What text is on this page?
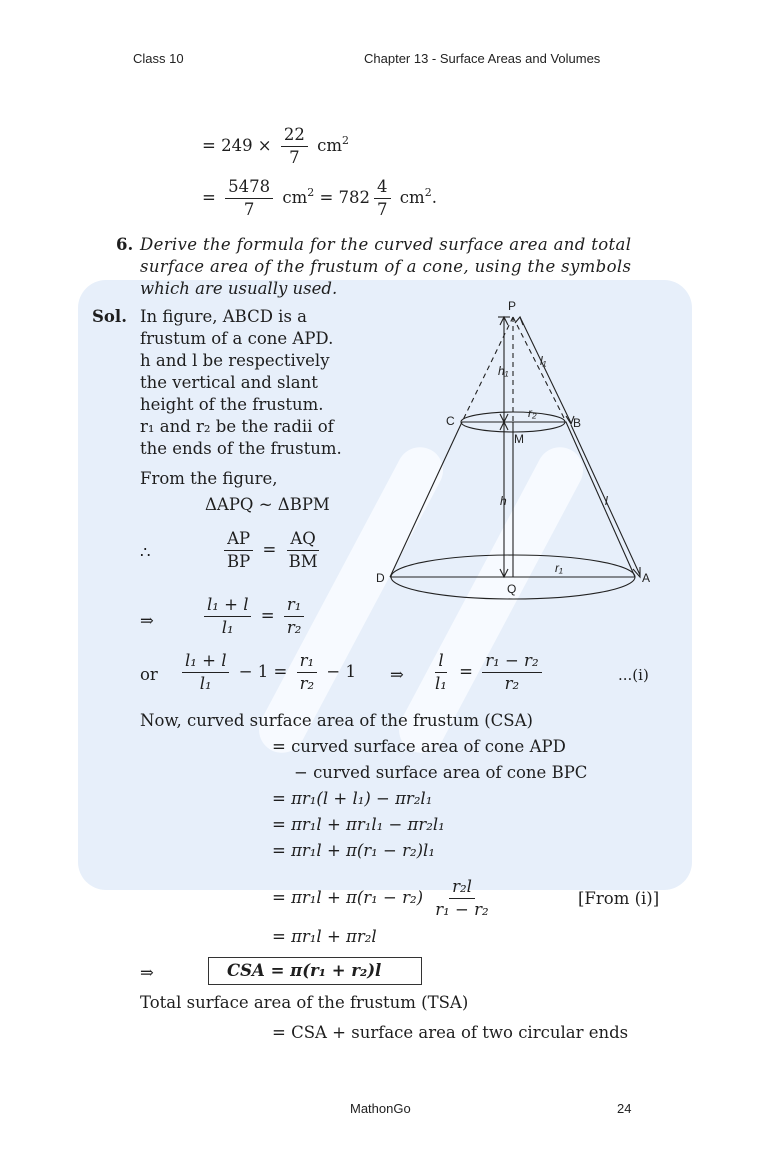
Class 10	Chapter 13 - Surface Areas and Volumes
= $249 \times \frac{22}{7} cm^2$
= $\frac{5478}{7} cm^2 = 782 \frac{4}{7} cm^2$.
6. Derive the formula for the curved surface area and total
surface area of the frustum of a cone, using the symbols
which are usually used.
Sol. In figure, ABCD is a
frustum of a cone APD.
h and l be respectively
the vertical and slant
height of the frustum.
r₁ and r₂ be the radii of
the ends of the frustum.
From the figure,
ΔAPQ ~ ΔBPM
∴	$\frac{AP}{BP} = \frac{AQ}{BM}$
⇒	$\frac{\text{l₁ + l}}{\text{l₁}} = \frac{\text{r₁}}{\text{r₂}}$
or $\frac{\text{l₁ + l}}{\text{l₁}} - 1 = \frac{\text{r₁}}{\text{r₂}} - 1$ ⇒ $\frac{l}{\text{l₁}} = \frac{\text{r₁ − r₂}}{\text{r₂}}$	...(i)
Now, curved surface area of the frustum (CSA)
= curved surface area of cone APD
− curved surface area of cone BPC
= πr₁(l + l₁) − πr₂l₁
= πr₁l + πr₁l₁ − πr₂l₁
= πr₁l + π(r₁ − r₂)l₁
= $\pi r_1l + \pi(r_1 - r_2) \frac{\text{r₂l}}{\text{r₁ − r₂}}$	[From (i)]
= πr₁l + πr₂l
⇒	CSA = π(r₁ + r₂)l
Total surface area of the frustum (TSA)
= CSA + surface area of two circular ends
P
C	B
M
D
Q
A
h₁
h
l₁
l
r₁
r₂
MathonGo	24
